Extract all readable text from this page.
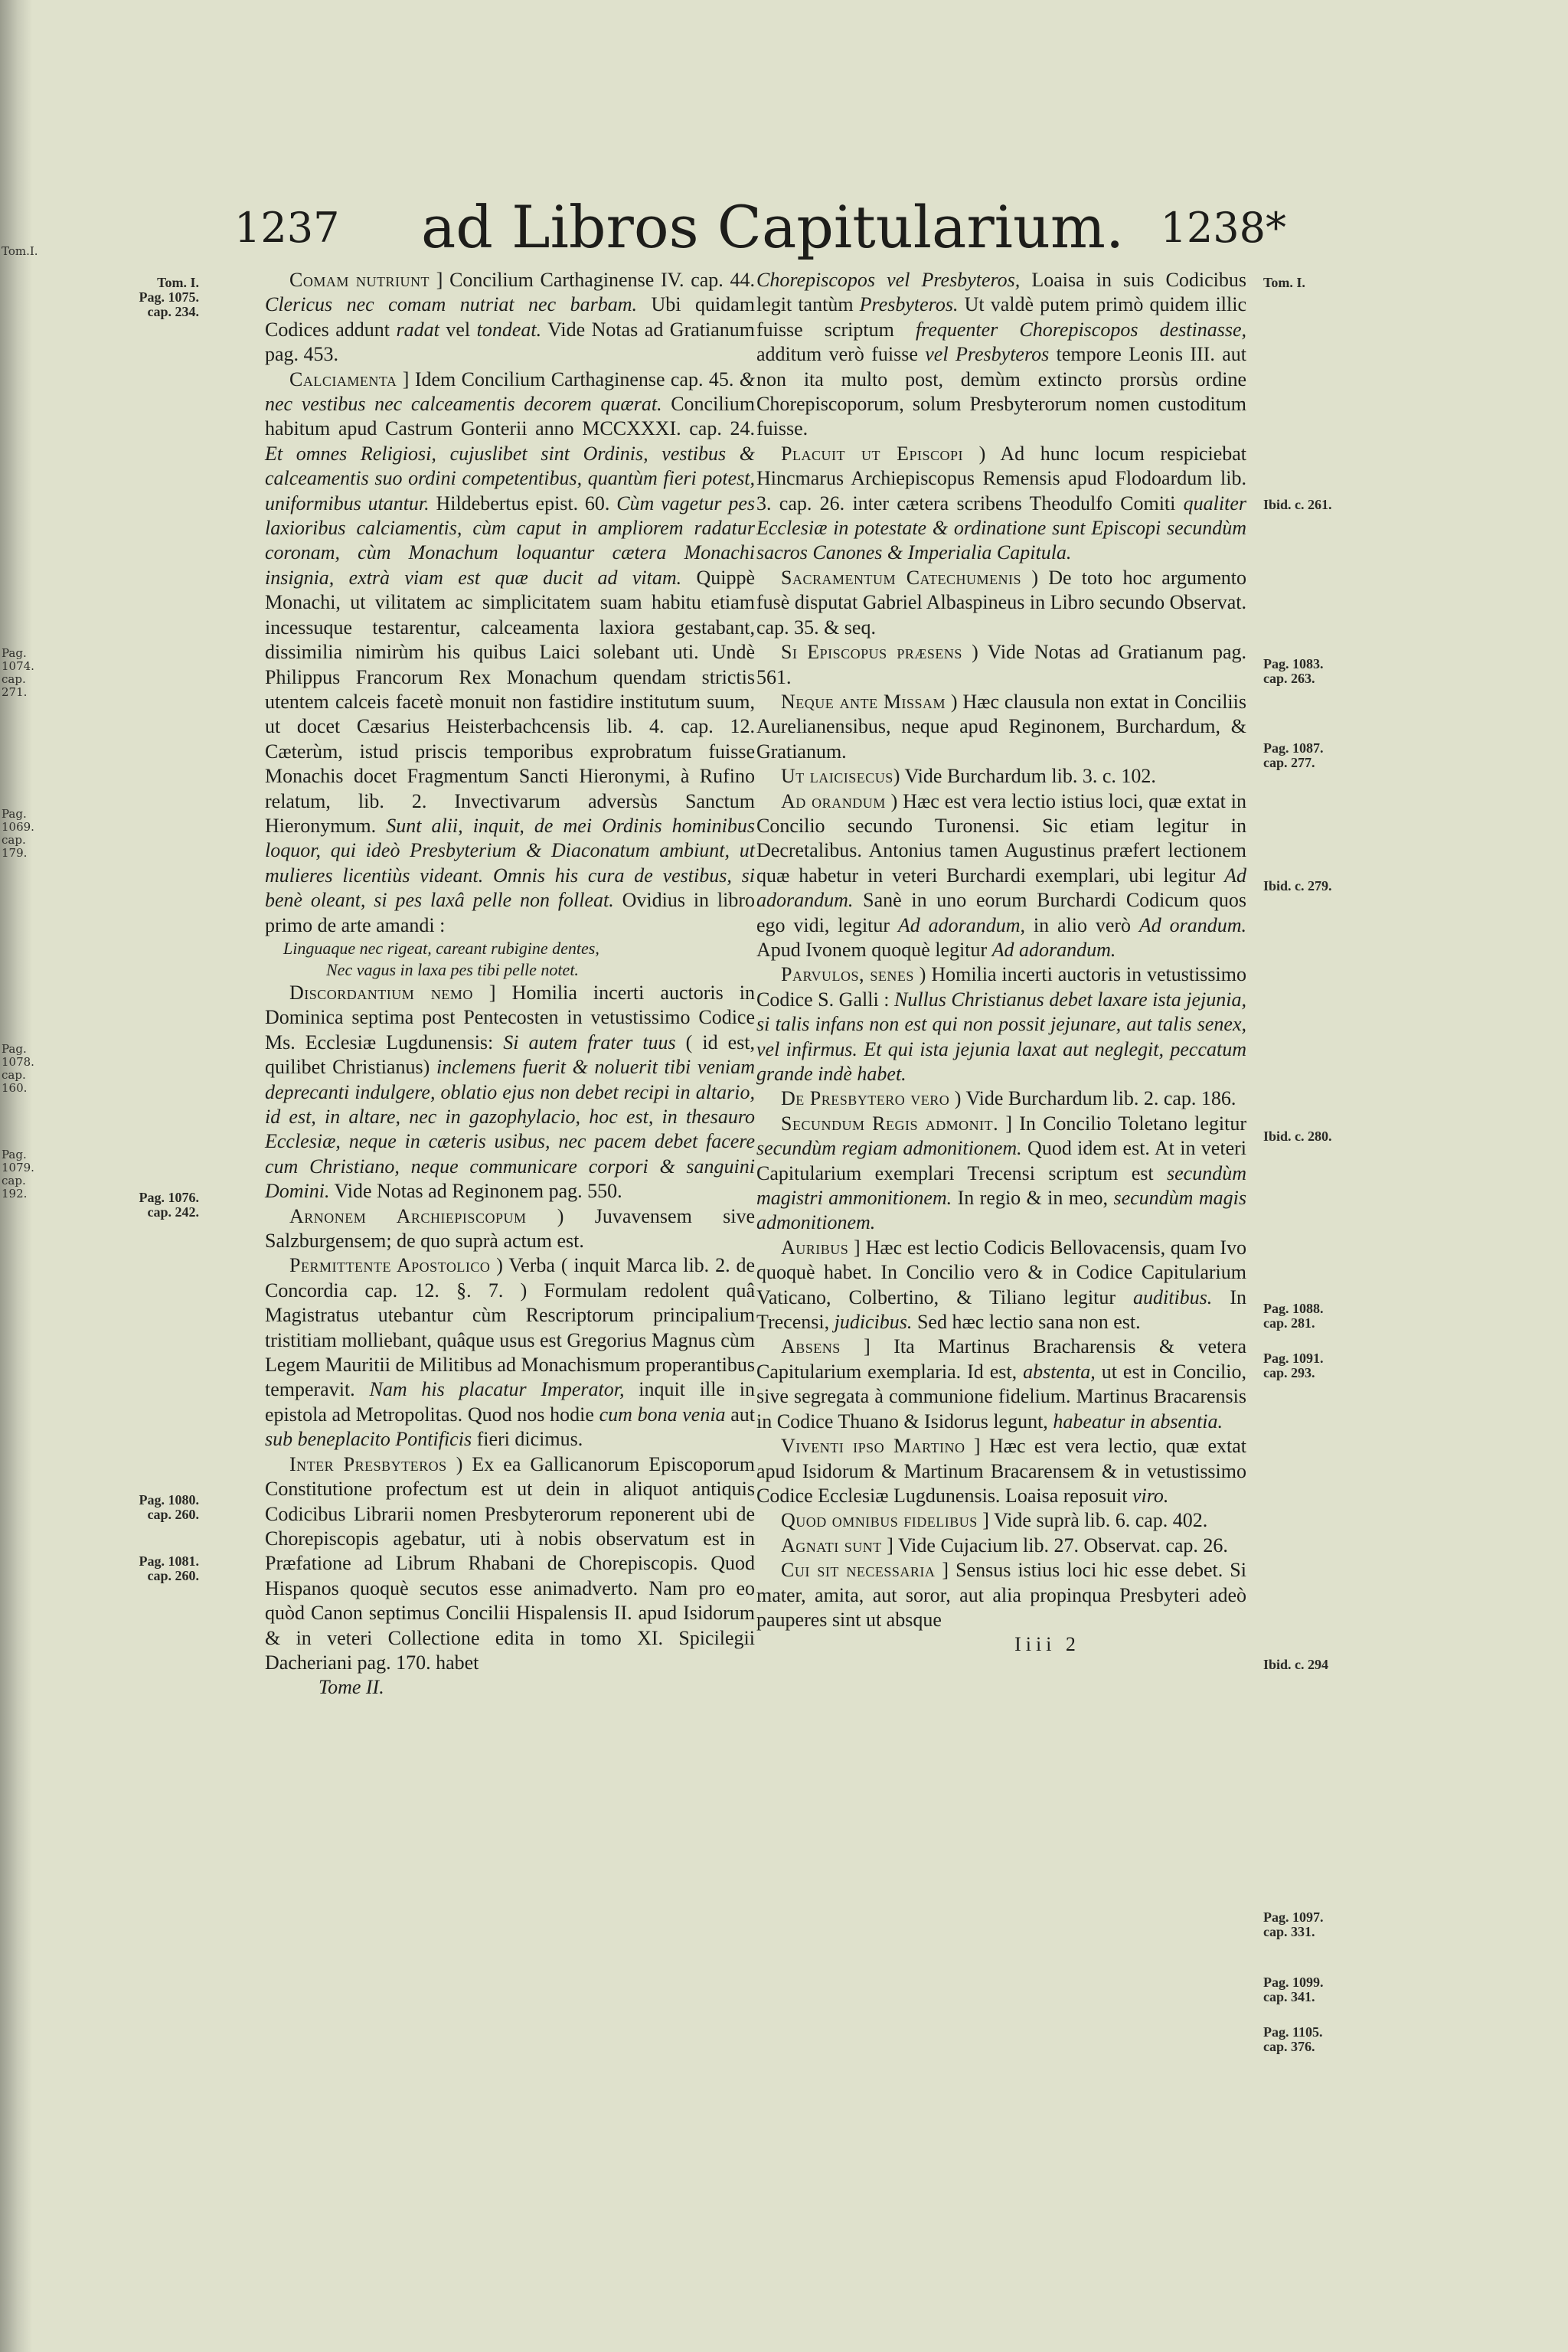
Tom.I.
Pag. 1074. cap. 271.
Pag. 1069. cap. 179.
Pag. 1078. cap. 160.
Pag. 1079. cap. 192.
1237 ad Libros Capitularium. 1238*

Comam nutriunt ] Concilium Carthaginense IV. cap. 44. Clericus nec comam nutriat nec barbam. Ubi quidam Codices addunt radat vel tondeat. Vide Notas ad Gratianum pag. 453.

Calciamenta ] Idem Concilium Carthaginense cap. 45. & nec vestibus nec calceamentis decorem quærat. Concilium habitum apud Castrum Gonterii anno MCCXXXI. cap. 24. Et omnes Religiosi, cujuslibet sint Ordinis, vestibus & calceamentis suo ordini competentibus, quantùm fieri potest, uniformibus utantur. Hildebertus epist. 60. Cùm vagetur pes laxioribus calciamentis, cùm caput in ampliorem radatur coronam, cùm Monachum loquantur cætera Monachi insignia, extrà viam est quæ ducit ad vitam. Quippè Monachi, ut vilitatem ac simplicitatem suam habitu etiam incessuque testarentur, calceamenta laxiora gestabant, dissimilia nimirùm his quibus Laici solebant uti. Undè Philippus Francorum Rex Monachum quendam strictis utentem calceis facetè monuit non fastidire institutum suum, ut docet Cæsarius Heisterbachcensis lib. 4. cap. 12. Cæterùm, istud priscis temporibus exprobratum fuisse Monachis docet Fragmentum Sancti Hieronymi, à Rufino relatum, lib. 2. Invectivarum adversùs Sanctum Hieronymum. Sunt alii, inquit, de mei Ordinis hominibus loquor, qui ideò Presbyterium & Diaconatum ambiunt, ut mulieres licentiùs videant. Omnis his cura de vestibus, si benè oleant, si pes laxâ pelle non folleat. Ovidius in libro primo de arte amandi :

Linguaque nec rigeat, careant rubigine dentes,
Nec vagus in laxa pes tibi pelle notet.

Discordantium nemo ] Homilia incerti auctoris in Dominica septima post Pentecosten in vetustissimo Codice Ms. Ecclesiæ Lugdunensis: Si autem frater tuus ( id est, quilibet Christianus) inclemens fuerit & noluerit tibi veniam deprecanti indulgere, oblatio ejus non debet recipi in altario, id est, in altare, nec in gazophylacio, hoc est, in thesauro Ecclesiæ, neque in cæteris usibus, nec pacem debet facere cum Christiano, neque communicare corpori & sanguini Domini. Vide Notas ad Reginonem pag. 550.

Arnonem Archiepiscopum ) Juvavensem sive Salzburgensem; de quo suprà actum est.

Permittente Apostolico ) Verba ( inquit Marca lib. 2. de Concordia cap. 12. §. 7. ) Formulam redolent quâ Magistratus utebantur cùm Rescriptorum principalium tristitiam molliebant, quâque usus est Gregorius Magnus cùm Legem Mauritii de Militibus ad Monachismum properantibus temperavit. Nam his placatur Imperator, inquit ille in epistola ad Metropolitas. Quod nos hodie cum bona venia aut sub beneplacito Pontificis fieri dicimus.

Inter Presbyteros ) Ex ea Gallicanorum Episcoporum Constitutione profectum est ut dein in aliquot antiquis Codicibus Librarii nomen Presbyterorum reponerent ubi de Chorepiscopis agebatur, uti à nobis observatum est in Præfatione ad Librum Rhabani de Chorepiscopis. Quod Hispanos quoquè secutos esse animadverto. Nam pro eo quòd Canon septimus Concilii Hispalensis II. apud Isidorum & in veteri Collectione edita in tomo XI. Spicilegii Dacheriani pag. 170. habet

Tome II.

Chorepiscopos vel Presbyteros, Loaisa in suis Codicibus legit tantùm Presbyteros. Ut valdè putem primò quidem illic fuisse scriptum frequenter Chorepiscopos destinasse, additum verò fuisse vel Presbyteros tempore Leonis III. aut non ita multo post, demùm extincto prorsùs ordine Chorepiscoporum, solum Presbyterorum nomen custoditum fuisse.

Placuit ut Episcopi ) Ad hunc locum respiciebat Hincmarus Archiepiscopus Remensis apud Flodoardum lib. 3. cap. 26. inter cætera scribens Theodulfo Comiti qualiter Ecclesiæ in potestate & ordinatione sunt Episcopi secundùm sacros Canones & Imperialia Capitula.

Sacramentum Catechumenis ) De toto hoc argumento fusè disputat Gabriel Albaspineus in Libro secundo Observat. cap. 35. & seq.

Si Episcopus præsens ) Vide Notas ad Gratianum pag. 561.

Neque ante Missam ) Hæc clausula non extat in Conciliis Aurelianensibus, neque apud Reginonem, Burchardum, & Gratianum.

Ut laicisecus) Vide Burchardum lib. 3. c. 102.

Ad orandum ) Hæc est vera lectio istius loci, quæ extat in Concilio secundo Turonensi. Sic etiam legitur in Decretalibus. Antonius tamen Augustinus præfert lectionem quæ habetur in veteri Burchardi exemplari, ubi legitur Ad adorandum. Sanè in uno eorum Burchardi Codicum quos ego vidi, legitur Ad adorandum, in alio verò Ad orandum. Apud Ivonem quoquè legitur Ad adorandum.

Parvulos, senes ) Homilia incerti auctoris in vetustissimo Codice S. Galli : Nullus Christianus debet laxare ista jejunia, si talis infans non est qui non possit jejunare, aut talis senex, vel infirmus. Et qui ista jejunia laxat aut neglegit, peccatum grande indè habet.

De Presbytero vero ) Vide Burchardum lib. 2. cap. 186.

Secundum Regis admonit. ] In Concilio Toletano legitur secundùm regiam admonitionem. Quod idem est. At in veteri Capitularium exemplari Trecensi scriptum est secundùm magistri ammonitionem. In regio & in meo, secundùm magis admonitionem.

Auribus ] Hæc est lectio Codicis Bellovacensis, quam Ivo quoquè habet. In Concilio vero & in Codice Capitularium Vaticano, Colbertino, & Tiliano legitur auditibus. In Trecensi, judicibus. Sed hæc lectio sana non est.

Absens ] Ita Martinus Bracharensis & vetera Capitularium exemplaria. Id est, abstenta, ut est in Concilio, sive segregata à communione fidelium. Martinus Bracarensis in Codice Thuano & Isidorus legunt, habeatur in absentia.

Viventi ipso Martino ] Hæc est vera lectio, quæ extat apud Isidorum & Martinum Bracarensem & in vetustissimo Codice Ecclesiæ Lugdunensis. Loaisa reposuit viro.

Quod omnibus fidelibus ] Vide suprà lib. 6. cap. 402.

Agnati sunt ] Vide Cujacium lib. 27. Observat. cap. 26.

Cui sit necessaria ] Sensus istius loci hic esse debet. Si mater, amita, aut soror, aut alia propinqua Presbyteri adeò pauperes sint ut absque

Iiii 2
Tom. I. Pag. 1075. cap. 234.
Pag. 1076. cap. 242.
Pag. 1080. cap. 260.
Pag. 1081. cap. 260.
Tom. I.
Ibid. c. 261.
Pag. 1083. cap. 263.
Pag. 1087. cap. 277.
Ibid. c. 279.
Ibid. c. 280.
Pag. 1088. cap. 281.
Pag. 1091. cap. 293.
Ibid. c. 294
Pag. 1097. cap. 331.
Pag. 1099. cap. 341.
Pag. 1105. cap. 376.
